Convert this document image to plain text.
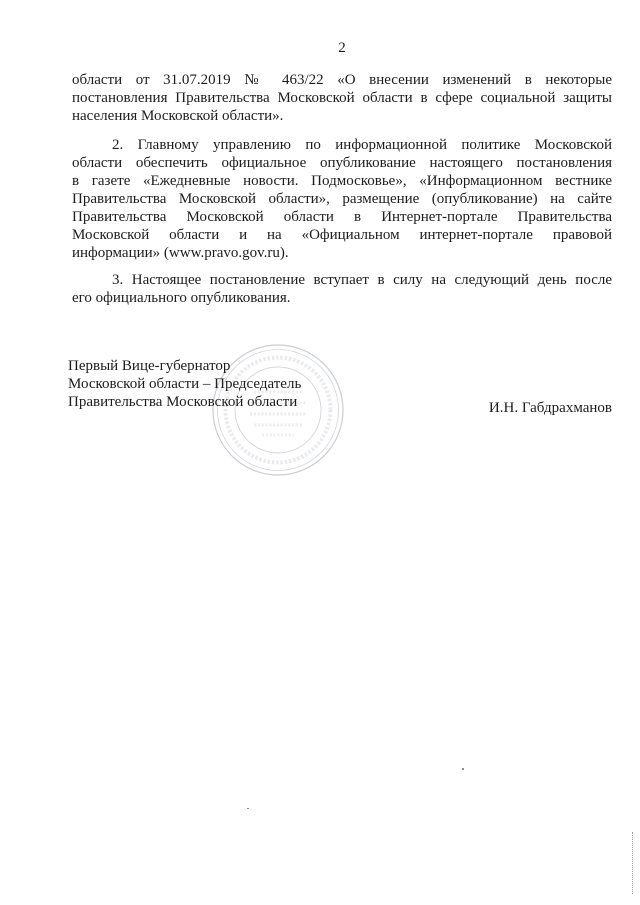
2
области от 31.07.2019 № 463/22 «О внесении изменений в некоторые
постановления Правительства Московской области в сфере социальной защиты
населения Московской области».
2. Главному управлению по информационной политике Московской
области обеспечить официальное опубликование настоящего постановления
в газете «Ежедневные новости. Подмосковье», «Информационном вестнике
Правительства Московской области», размещение (опубликование) на сайте
Правительства Московской области в Интернет-портале Правительства
Московской области и на «Официальном интернет-портале правовой
информации» (www.pravo.gov.ru).
3. Настоящее постановление вступает в силу на следующий день после
его официального опубликования.
Первый Вице-губернатор
Московской области – Председатель
Правительства Московской области	И.Н. Габдрахманов
